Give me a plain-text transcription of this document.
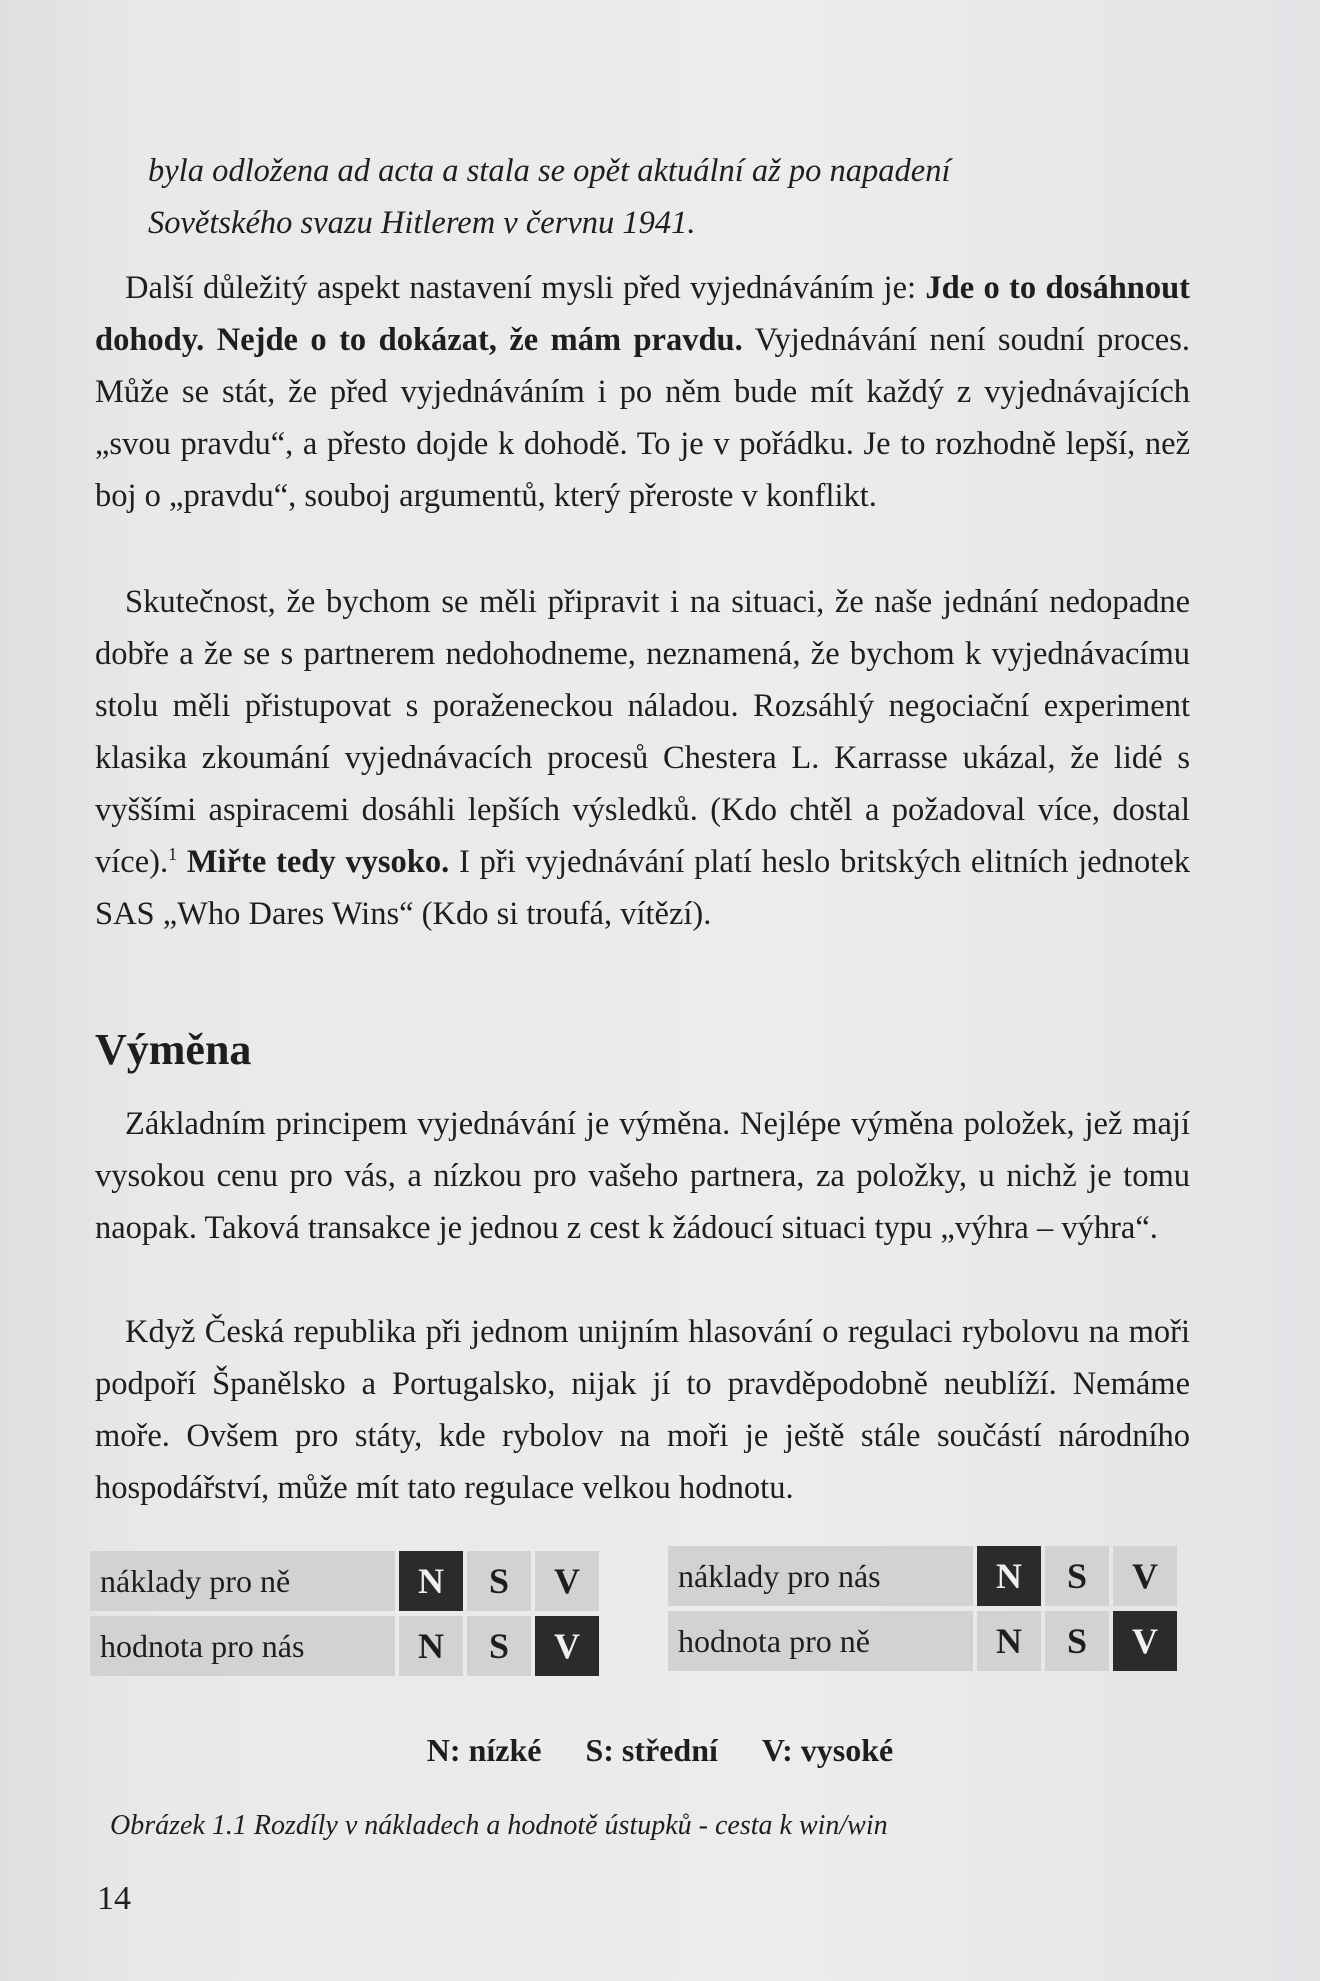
byla odložena ad acta a stala se opět aktuální až po napadení
Sovětského svazu Hitlerem v červnu 1941.

Další důležitý aspekt nastavení mysli před vyjednáváním je: Jde o to dosáhnout dohody. Nejde o to dokázat, že mám pravdu. Vyjednávání není soudní proces. Může se stát, že před vyjednáváním i po něm bude mít každý z vyjednávajících „svou pravdu“, a přesto dojde k dohodě. To je v pořádku. Je to rozhodně lepší, než boj o „pravdu“, souboj argumentů, který přeroste v konflikt.

Skutečnost, že bychom se měli připravit i na situaci, že naše jednání nedopadne dobře a že se s partnerem nedohodneme, neznamená, že bychom k vyjednávacímu stolu měli přistupovat s poraženeckou náladou. Rozsáhlý negociační experiment klasika zkoumání vyjednávacích procesů Chestera L. Karrasse ukázal, že lidé s vyššími aspiracemi dosáhli lepších výsledků. (Kdo chtěl a požadoval více, dostal více).$^1$ Miřte tedy vysoko. I při vyjednávání platí heslo britských elitních jednotek SAS „Who Dares Wins“ (Kdo si troufá, vítězí).

Výměna

Základním principem vyjednávání je výměna. Nejlépe výměna položek, jež mají vysokou cenu pro vás, a nízkou pro vašeho partnera, za položky, u nichž je tomu naopak. Taková transakce je jednou z cest k žádoucí situaci typu „výhra – výhra“.

Když Česká republika při jednom unijním hlasování o regulaci rybolovu na moři podpoří Španělsko a Portugalsko, nijak jí to pravděpodobně neublíží. Nemáme moře. Ovšem pro státy, kde rybolov na moři je ještě stále součástí národního hospodářství, může mít tato regulace velkou hodnotu.

náklady pro ně	N	S	V
hodnota pro nás	N	S	V
náklady pro nás	N	S	V
hodnota pro ně	N	S	V
N: nízké S: střední V: vysoké
Obrázek 1.1 Rozdíly v nákladech a hodnotě ústupků - cesta k win/win
14
